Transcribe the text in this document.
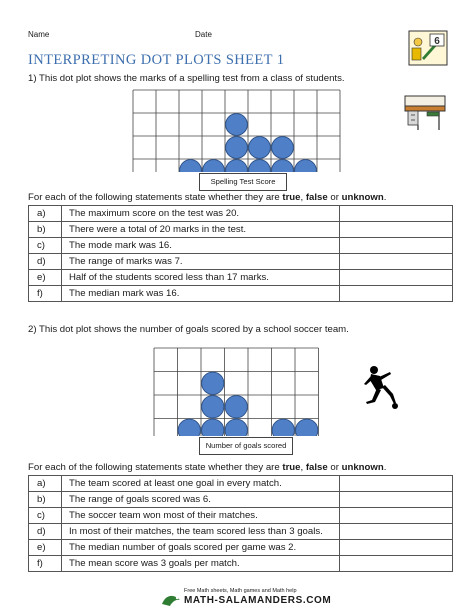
Name	Date
6
INTERPRETING DOT PLOTS SHEET 1
1) This dot plot shows the marks of a spelling test from a class of students.
Spelling Test Score
For each of the following statements state whether they are true, false or unknown.
a)	The maximum score on the test was 20.	
b)	There were a total of 20 marks in the test.	
c)	The mode mark was 16.	
d)	The range of marks was 7.	
e)	Half of the students scored less than 17 marks.	
f)	The median mark was 16.	
2) This dot plot shows the number of goals scored by a school soccer team.
Number of goals scored
For each of the following statements state whether they are true, false or unknown.
a)	The team scored at least one goal in every match.	
b)	The range of goals scored was 6.	
c)	The soccer team won most of their matches.	
d)	In most of their matches, the team scored less than 3 goals.	
e)	The median number of goals scored per game was 2.	
f)	The mean score was 3 goals per match.	
Free Math sheets, Math games and Math help
MATH-SALAMANDERS.COM
